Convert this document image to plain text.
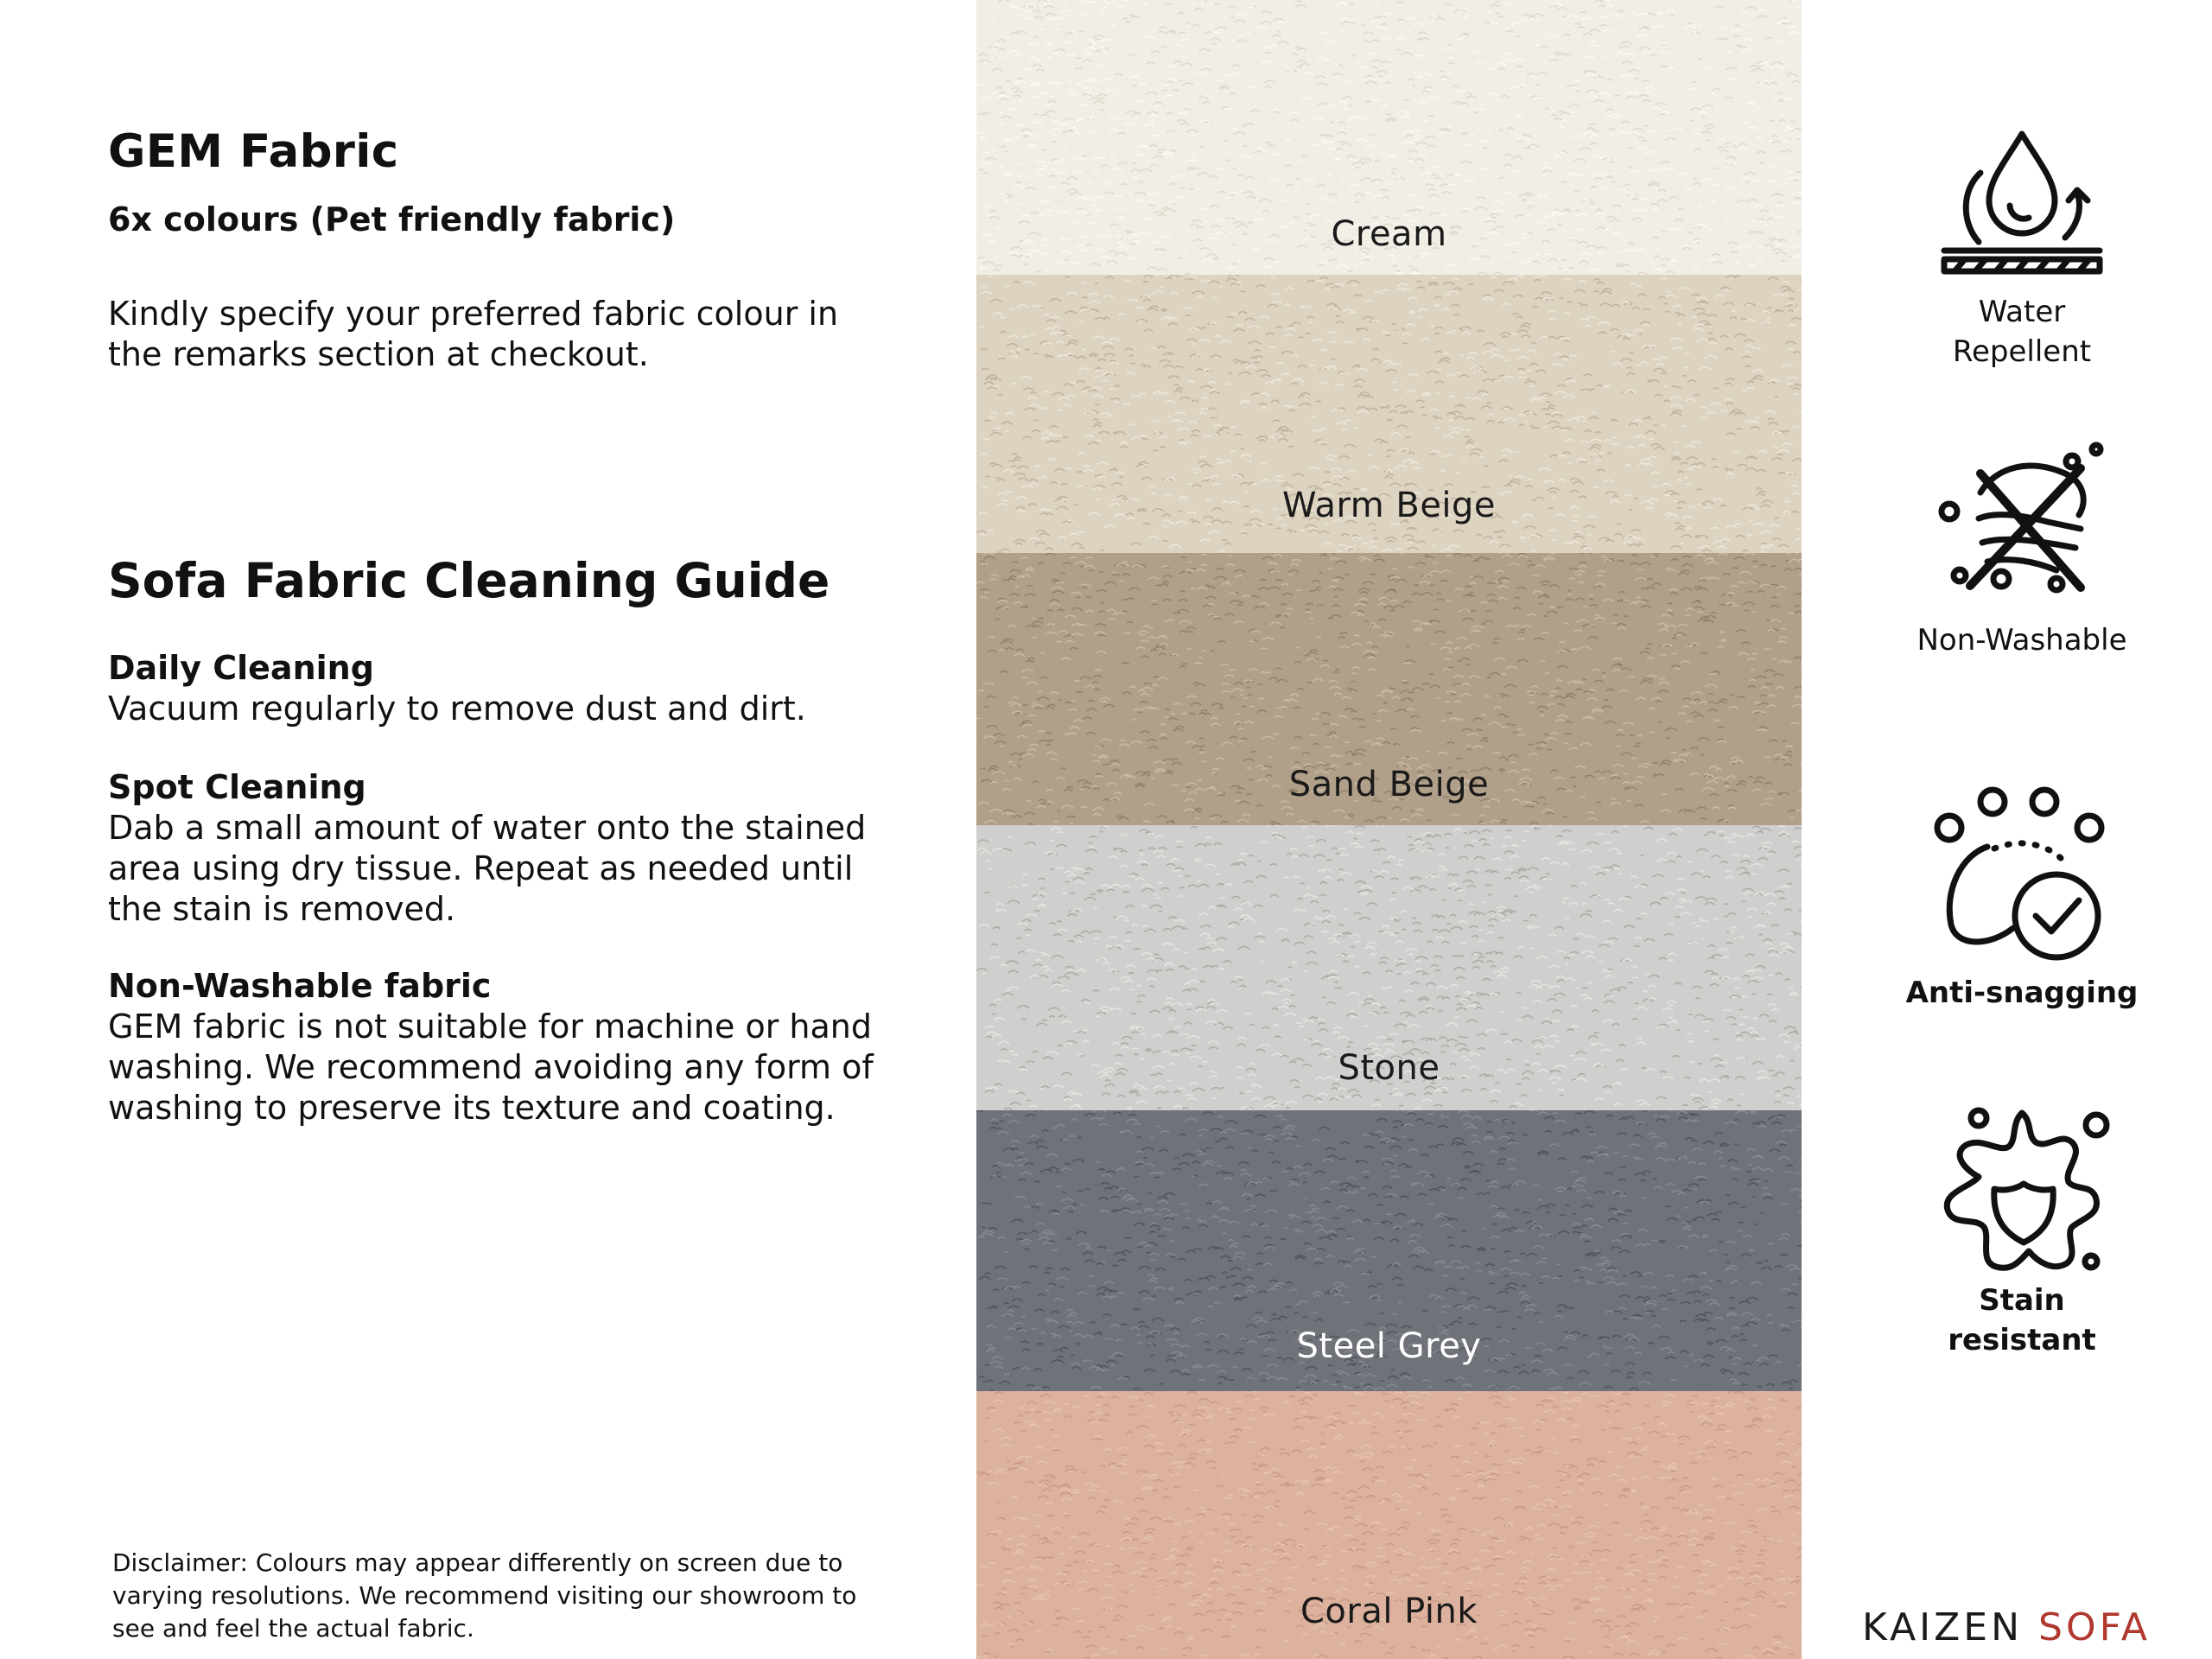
GEM Fabric
6x colours (Pet friendly fabric)
Kindly specify your preferred fabric colour in the remarks section at checkout.
Sofa Fabric Cleaning Guide
Daily Cleaning
Vacuum regularly to remove dust and dirt.
Spot Cleaning
Dab a small amount of water onto the stained area using dry tissue. Repeat as needed until the stain is removed.
Non-Washable fabric
GEM fabric is not suitable for machine or hand washing. We recommend avoiding any form of washing to preserve its texture and coating.
Disclaimer: Colours may appear differently on screen due to varying resolutions. We recommend visiting our showroom to see and feel the actual fabric.
Cream
Warm Beige
Sand Beige
Stone
Steel Grey
Coral Pink
Water
Repellent
Non-Washable
Anti-snagging
Stain
resistant
KAIZEN SOFA
